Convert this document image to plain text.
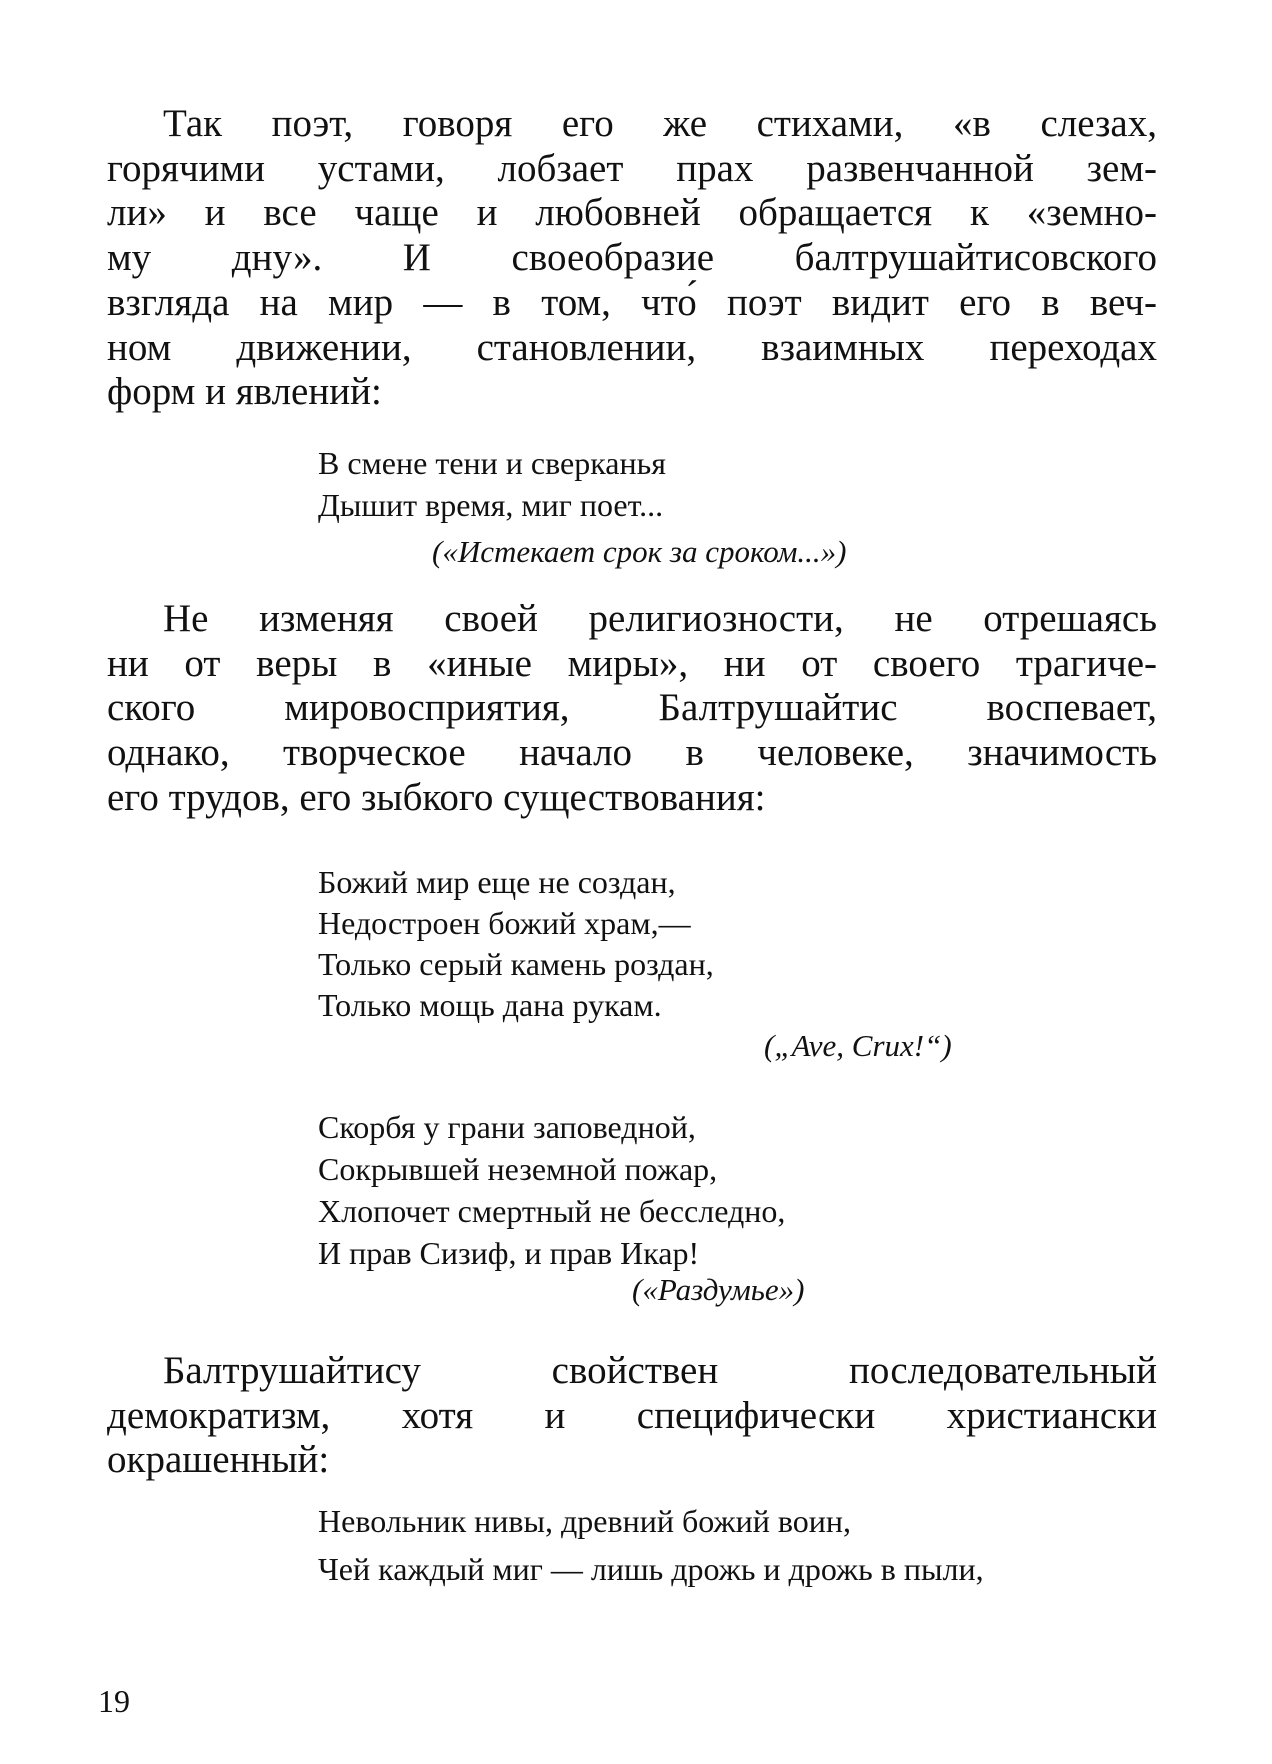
Так поэт, говоря его же стихами, «в слезах,
горячими устами, лобзает прах развенчанной зем-
ли» и все чаще и любовней обращается к «земно-
му дну». И своеобразие балтрушайтисовского
взгляда на мир — в том, что́ поэт видит его в веч-
ном движении, становлении, взаимных переходах
форм и явлений:

В смене тени и сверканья
Дышит время, миг поет...
(«Истекает срок за сроком...»)

Не изменяя своей религиозности, не отрешаясь
ни от веры в «иные миры», ни от своего трагиче-
ского мировосприятия, Балтрушайтис воспевает,
однако, творческое начало в человеке, значимость
его трудов, его зыбкого существования:

Божий мир еще не создан,
Недостроен божий храм,—
Только серый камень роздан,
Только мощь дана рукам.
(„Ave, Crux!“)
Скорбя у грани заповедной,
Сокрывшей неземной пожар,
Хлопочет смертный не бесследно,
И прав Сизиф, и прав Икар!
(«Раздумье»)

Балтрушайтису свойствен последовательный
демократизм, хотя и специфически христиански
окрашенный:

Невольник нивы, древний божий воин,
Чей каждый миг — лишь дрожь и дрожь в пыли,
19
